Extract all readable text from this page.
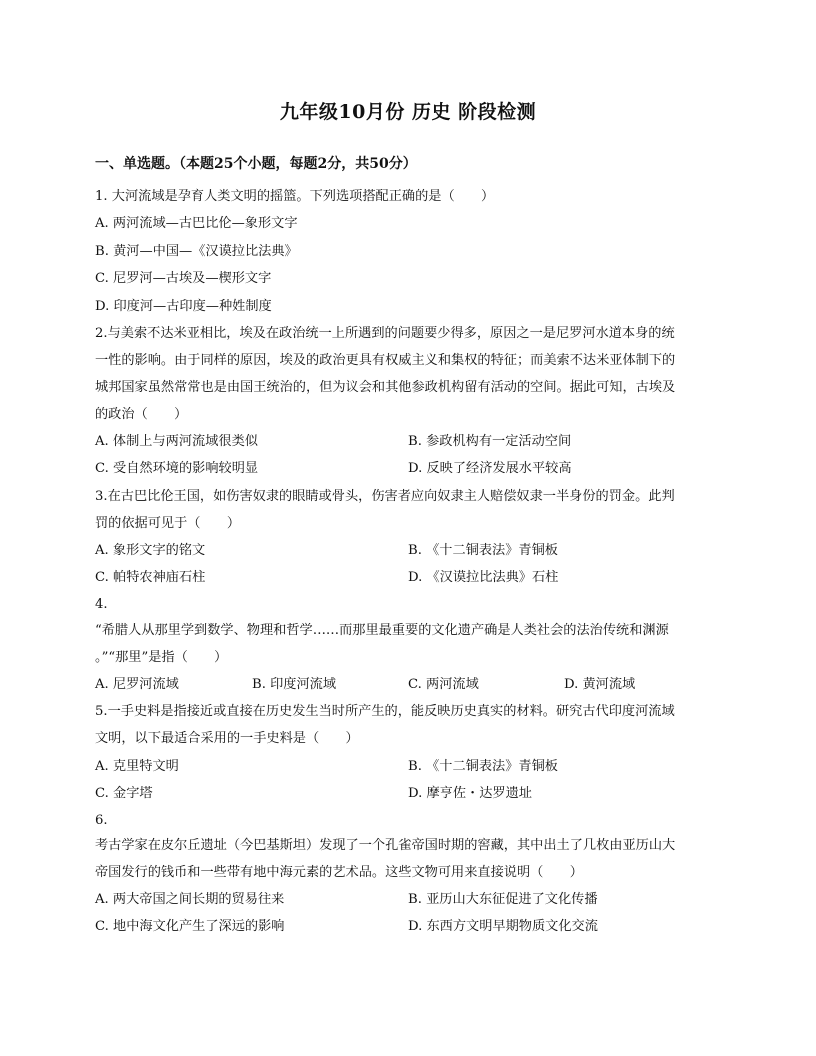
九年级10月份 历史 阶段检测
一、单选题。（本题25个小题，每题2分，共50分）
1. 大河流域是孕育人类文明的摇篮。下列选项搭配正确的是（　　）
A. 两河流域—古巴比伦—象形文字
B. 黄河—中国—《汉谟拉比法典》
C. 尼罗河—古埃及—楔形文字
D. 印度河—古印度—种姓制度
2.与美索不达米亚相比，埃及在政治统一上所遇到的问题要少得多，原因之一是尼罗河水道本身的统
一性的影响。由于同样的原因，埃及的政治更具有权威主义和集权的特征；而美索不达米亚体制下的
城邦国家虽然常常也是由国王统治的，但为议会和其他参政机构留有活动的空间。据此可知，古埃及
的政治（　　）
A. 体制上与两河流域很类似	B. 参政机构有一定活动空间
C. 受自然环境的影响较明显	D. 反映了经济发展水平较高
3.在古巴比伦王国，如伤害奴隶的眼睛或骨头，伤害者应向奴隶主人赔偿奴隶一半身份的罚金。此判
罚的依据可见于（　　）
A. 象形文字的铭文	B. 《十二铜表法》青铜板
C. 帕特农神庙石柱	D. 《汉谟拉比法典》石柱
4.
“希腊人从那里学到数学、物理和哲学……而那里最重要的文化遗产确是人类社会的法治传统和渊源
。”“那里”是指（　　）
A. 尼罗河流域	B. 印度河流域	C. 两河流域	D. 黄河流域
5.一手史料是指接近或直接在历史发生当时所产生的，能反映历史真实的材料。研究古代印度河流域
文明，以下最适合采用的一手史料是（　　）
A. 克里特文明	B. 《十二铜表法》青铜板
C. 金字塔	D. 摩亨佐・达罗遗址
6.
考古学家在皮尔丘遗址（今巴基斯坦）发现了一个孔雀帝国时期的窖藏，其中出土了几枚由亚历山大
帝国发行的钱币和一些带有地中海元素的艺术品。这些文物可用来直接说明（　　）
A. 两大帝国之间长期的贸易往来	B. 亚历山大东征促进了文化传播
C. 地中海文化产生了深远的影响	D. 东西方文明早期物质文化交流
